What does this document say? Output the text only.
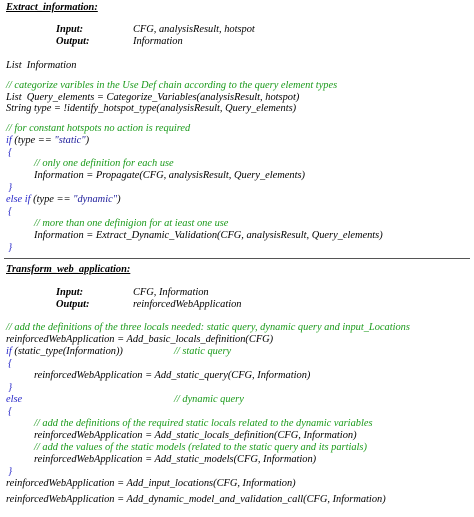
Extract_information:
Input:	CFG, analysisResult, hotspot
Output:	Information
List  Information
// categorize varibles in the Use Def chain according to the query element types
List  Query_elements = Categorize_Variables(analysisResult, hotspot)
String type = !identify_hotspot_type(analysisResult, Query_elements)
// for constant hotspots no action is required
if (type == "static")
{
// only one definition for each use
Information = Propagate(CFG, analysisResult, Query_elements)
}
else if (type == "dynamic")
{
// more than one definigion for at ieast one use
Information = Extract_Dynamic_Validation(CFG, analysisResult, Query_elements)
}
Transform_web_application:
Input:	CFG, Information
Output:	reinforcedWebApplication
// add the definitions of the three locals needed: static query, dynamic query and input_Locations
reinforcedWebApplication = Add_basic_locals_definition(CFG)
if (static_type(Information))	// static query
{
reinforcedWebApplication = Add_static_query(CFG, Information)
}
else	// dynamic query
{
// add the definitions of the required static locals related to the dynamic variables
reinforcedWebApplication = Add_static_locals_definition(CFG, Information)
// add the values of the static models (related to the static query and its partials)
reinforcedWebApplication = Add_static_models(CFG, Information)
}
reinforcedWebApplication = Add_input_locations(CFG, Information)
reinforcedWebApplication = Add_dynamic_model_and_validation_call(CFG, Information)
